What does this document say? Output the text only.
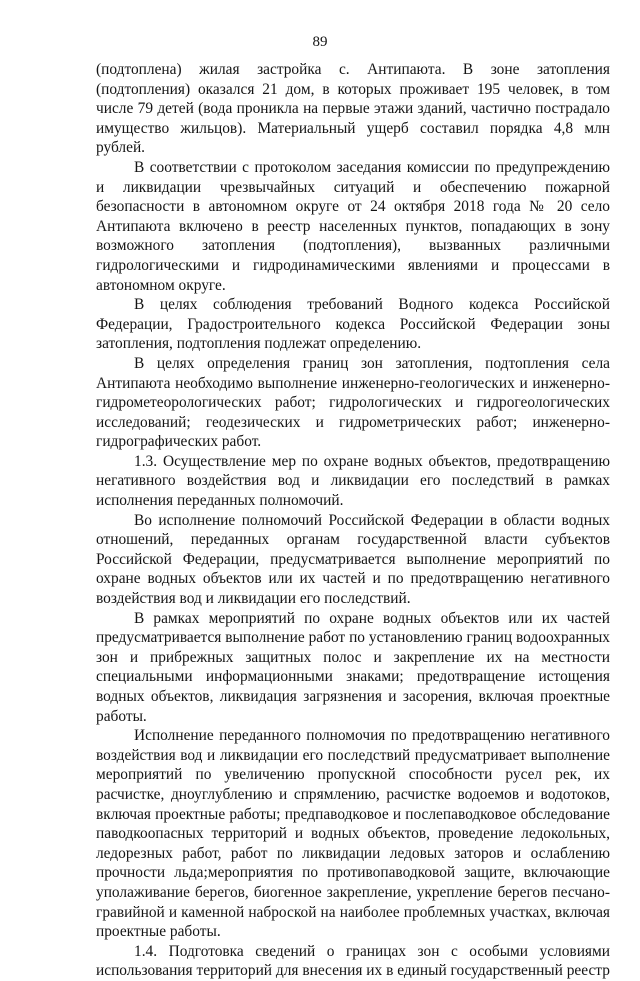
89

(подтоплена) жилая застройка с. Антипаюта. В зоне затопления (подтопления) оказался 21 дом, в которых проживает 195 человек, в том числе 79 детей (вода проникла на первые этажи зданий, частично пострадало имущество жильцов). Материальный ущерб составил порядка 4,8 млн рублей.

В соответствии с протоколом заседания комиссии по предупреждению и ликвидации чрезвычайных ситуаций и обеспечению пожарной безопасности в автономном округе от 24 октября 2018 года № 20 село Антипаюта включено в реестр населенных пунктов, попадающих в зону возможного затопления (подтопления), вызванных различными гидрологическими и гидродинамическими явлениями и процессами в автономном округе.

В целях соблюдения требований Водного кодекса Российской Федерации, Градостроительного кодекса Российской Федерации зоны затопления, подтопления подлежат определению.

В целях определения границ зон затопления, подтопления села Антипаюта необходимо выполнение инженерно-геологических и инженерно-гидрометеорологических работ; гидрологических и гидрогеологических исследований; геодезических и гидрометрических работ; инженерно-гидрографических работ.

1.3. Осуществление мер по охране водных объектов, предотвращению негативного воздействия вод и ликвидации его последствий в рамках исполнения переданных полномочий.

Во исполнение полномочий Российской Федерации в области водных отношений, переданных органам государственной власти субъектов Российской Федерации, предусматривается выполнение мероприятий по охране водных объектов или их частей и по предотвращению негативного воздействия вод и ликвидации его последствий.

В рамках мероприятий по охране водных объектов или их частей предусматривается выполнение работ по установлению границ водоохранных зон и прибрежных защитных полос и закрепление их на местности специальными информационными знаками; предотвращение истощения водных объектов, ликвидация загрязнения и засорения, включая проектные работы.

Исполнение переданного полномочия по предотвращению негативного воздействия вод и ликвидации его последствий предусматривает выполнение мероприятий по увеличению пропускной способности русел рек, их расчистке, дноуглублению и спрямлению, расчистке водоемов и водотоков, включая проектные работы; предпаводковое и послепаводковое обследование паводкоопасных территорий и водных объектов, проведение ледокольных, ледорезных работ, работ по ликвидации ледовых заторов и ослаблению прочности льда;мероприятия по противопаводковой защите, включающие уполаживание берегов, биогенное закрепление, укрепление берегов песчано-гравийной и каменной наброской на наиболее проблемных участках, включая проектные работы.

1.4. Подготовка сведений о границах зон с особыми условиями использования территорий для внесения их в единый государственный реестр
